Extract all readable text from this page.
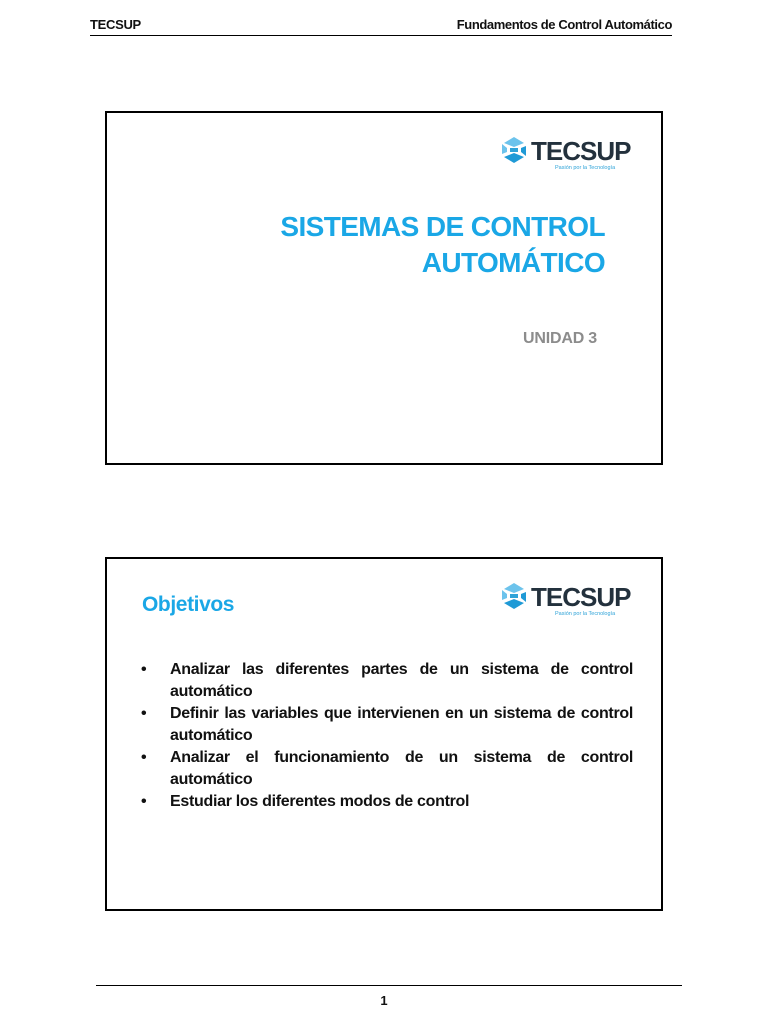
TECSUP	Fundamentos de Control Automático
TECSUP
Pasión por la Tecnología
SISTEMAS DE CONTROL
AUTOMÁTICO
UNIDAD 3
TECSUP
Pasión por la Tecnología
Objetivos
• Analizar las diferentes partes de un sistema de control automático
• Definir las variables que intervienen en un sistema de control automático
• Analizar el funcionamiento de un sistema de control automático
• Estudiar los diferentes modos de control
1
